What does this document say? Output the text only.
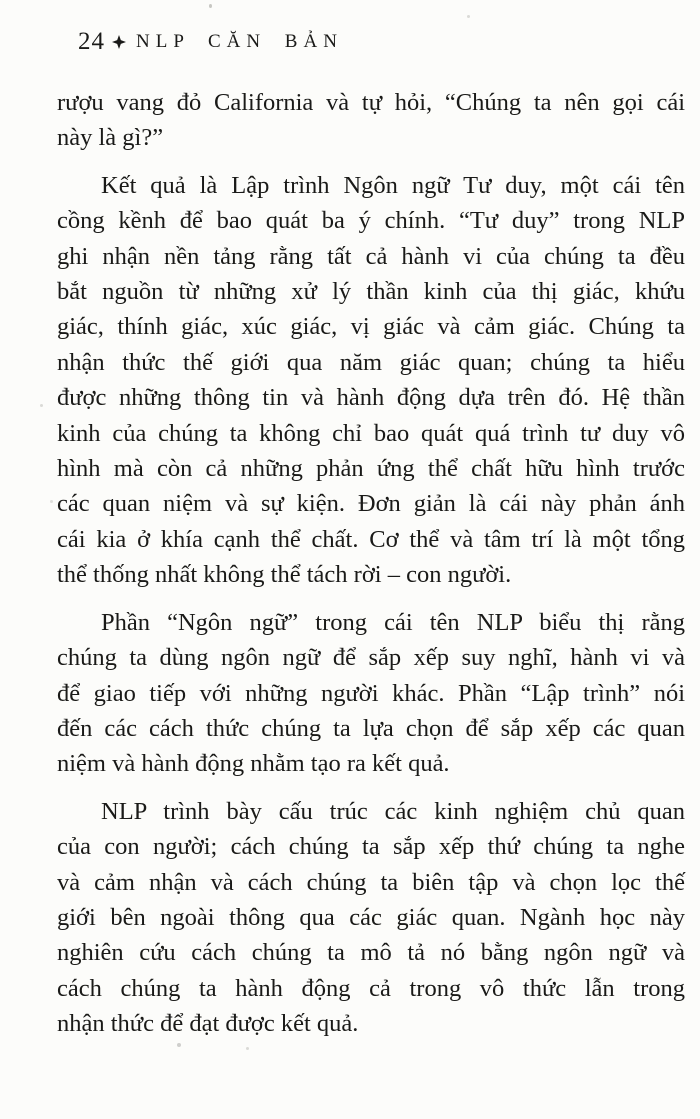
24 NLP CĂN BẢN
rượu vang đỏ California và tự hỏi, “Chúng ta nên gọi cái
này là gì?”
Kết quả là Lập trình Ngôn ngữ Tư duy, một cái tên
cồng kềnh để bao quát ba ý chính. “Tư duy” trong NLP
ghi nhận nền tảng rằng tất cả hành vi của chúng ta đều
bắt nguồn từ những xử lý thần kinh của thị giác, khứu
giác, thính giác, xúc giác, vị giác và cảm giác. Chúng ta
nhận thức thế giới qua năm giác quan; chúng ta hiểu
được những thông tin và hành động dựa trên đó. Hệ thần
kinh của chúng ta không chỉ bao quát quá trình tư duy vô
hình mà còn cả những phản ứng thể chất hữu hình trước
các quan niệm và sự kiện. Đơn giản là cái này phản ánh
cái kia ở khía cạnh thể chất. Cơ thể và tâm trí là một tổng
thể thống nhất không thể tách rời – con người.
Phần “Ngôn ngữ” trong cái tên NLP biểu thị rằng
chúng ta dùng ngôn ngữ để sắp xếp suy nghĩ, hành vi và
để giao tiếp với những người khác. Phần “Lập trình” nói
đến các cách thức chúng ta lựa chọn để sắp xếp các quan
niệm và hành động nhằm tạo ra kết quả.
NLP trình bày cấu trúc các kinh nghiệm chủ quan
của con người; cách chúng ta sắp xếp thứ chúng ta nghe
và cảm nhận và cách chúng ta biên tập và chọn lọc thế
giới bên ngoài thông qua các giác quan. Ngành học này
nghiên cứu cách chúng ta mô tả nó bằng ngôn ngữ và
cách chúng ta hành động cả trong vô thức lẫn trong
nhận thức để đạt được kết quả.
